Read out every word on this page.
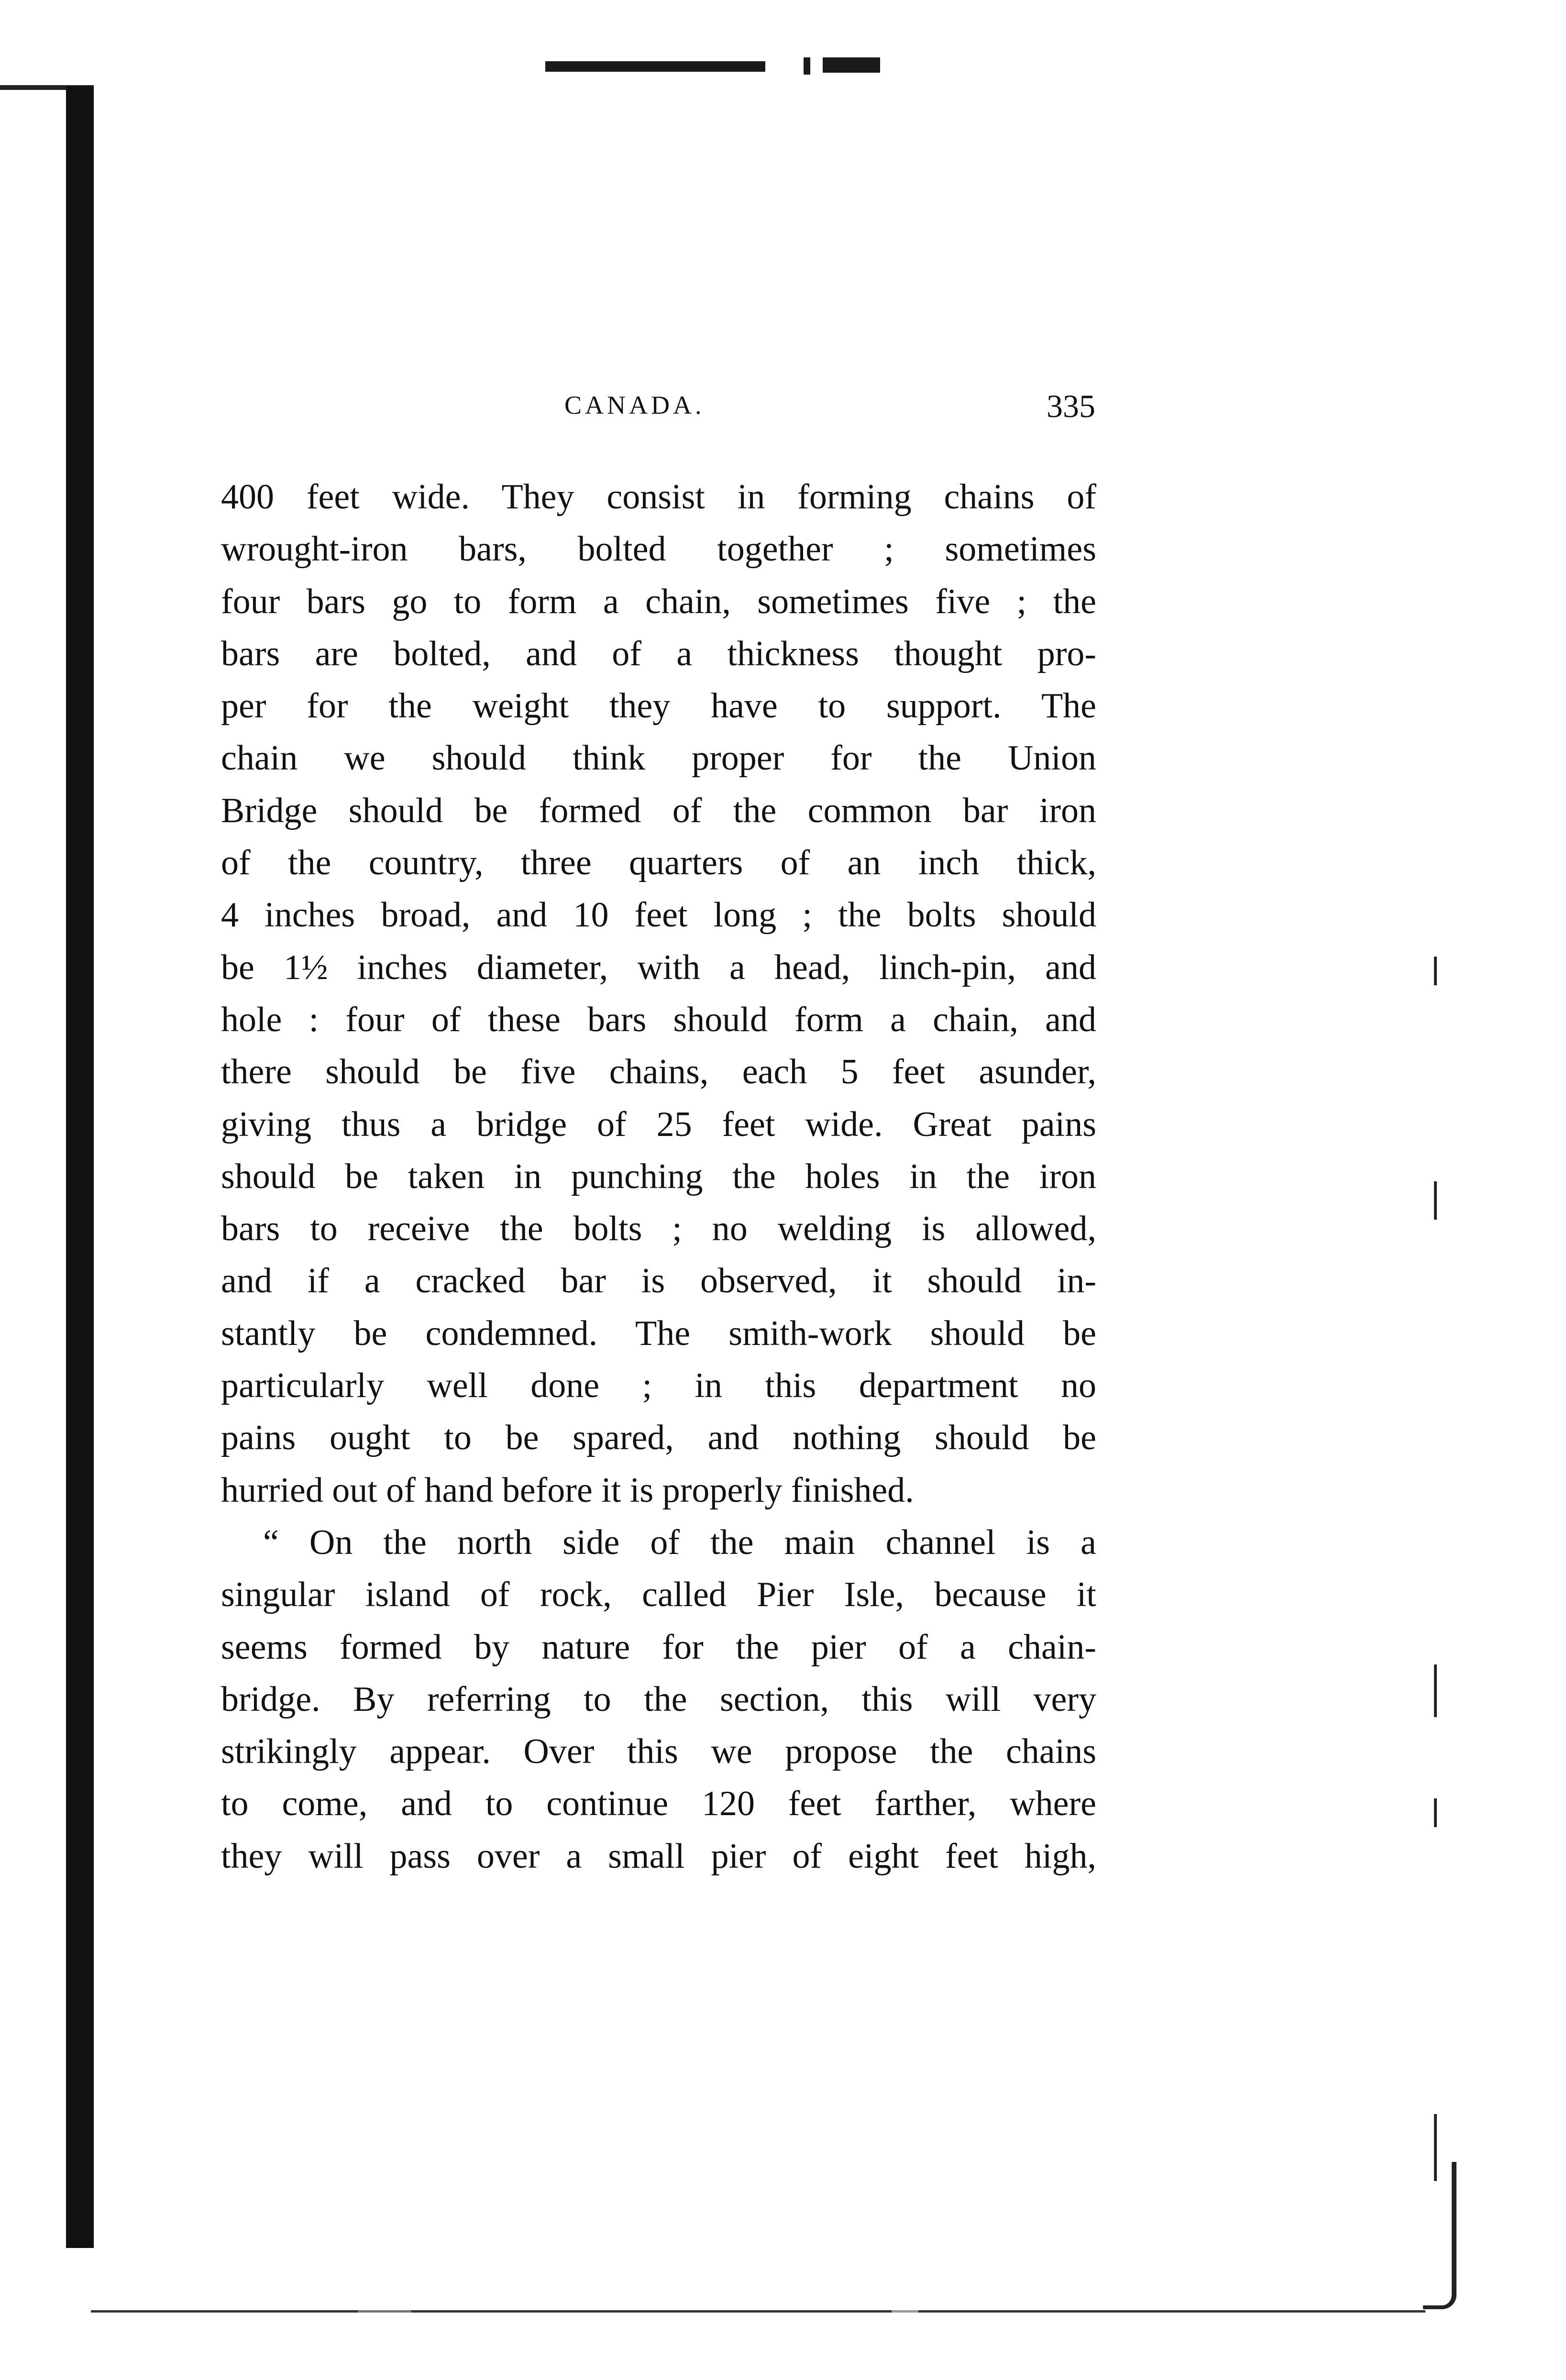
CANADA.	335
400 feet wide. They consist in forming chains of
wrought-iron bars, bolted together ; sometimes
four bars go to form a chain, sometimes five ; the
bars are bolted, and of a thickness thought pro-
per for the weight they have to support. The
chain we should think proper for the Union
Bridge should be formed of the common bar iron
of the country, three quarters of an inch thick,
4 inches broad, and 10 feet long ; the bolts should
be 1½ inches diameter, with a head, linch-pin, and
hole : four of these bars should form a chain, and
there should be five chains, each 5 feet asunder,
giving thus a bridge of 25 feet wide. Great pains
should be taken in punching the holes in the iron
bars to receive the bolts ; no welding is allowed,
and if a cracked bar is observed, it should in-
stantly be condemned. The smith-work should be
particularly well done ; in this department no
pains ought to be spared, and nothing should be
hurried out of hand before it is properly finished.
“ On the north side of the main channel is a
singular island of rock, called Pier Isle, because it
seems formed by nature for the pier of a chain-
bridge. By referring to the section, this will very
strikingly appear. Over this we propose the chains
to come, and to continue 120 feet farther, where
they will pass over a small pier of eight feet high,
